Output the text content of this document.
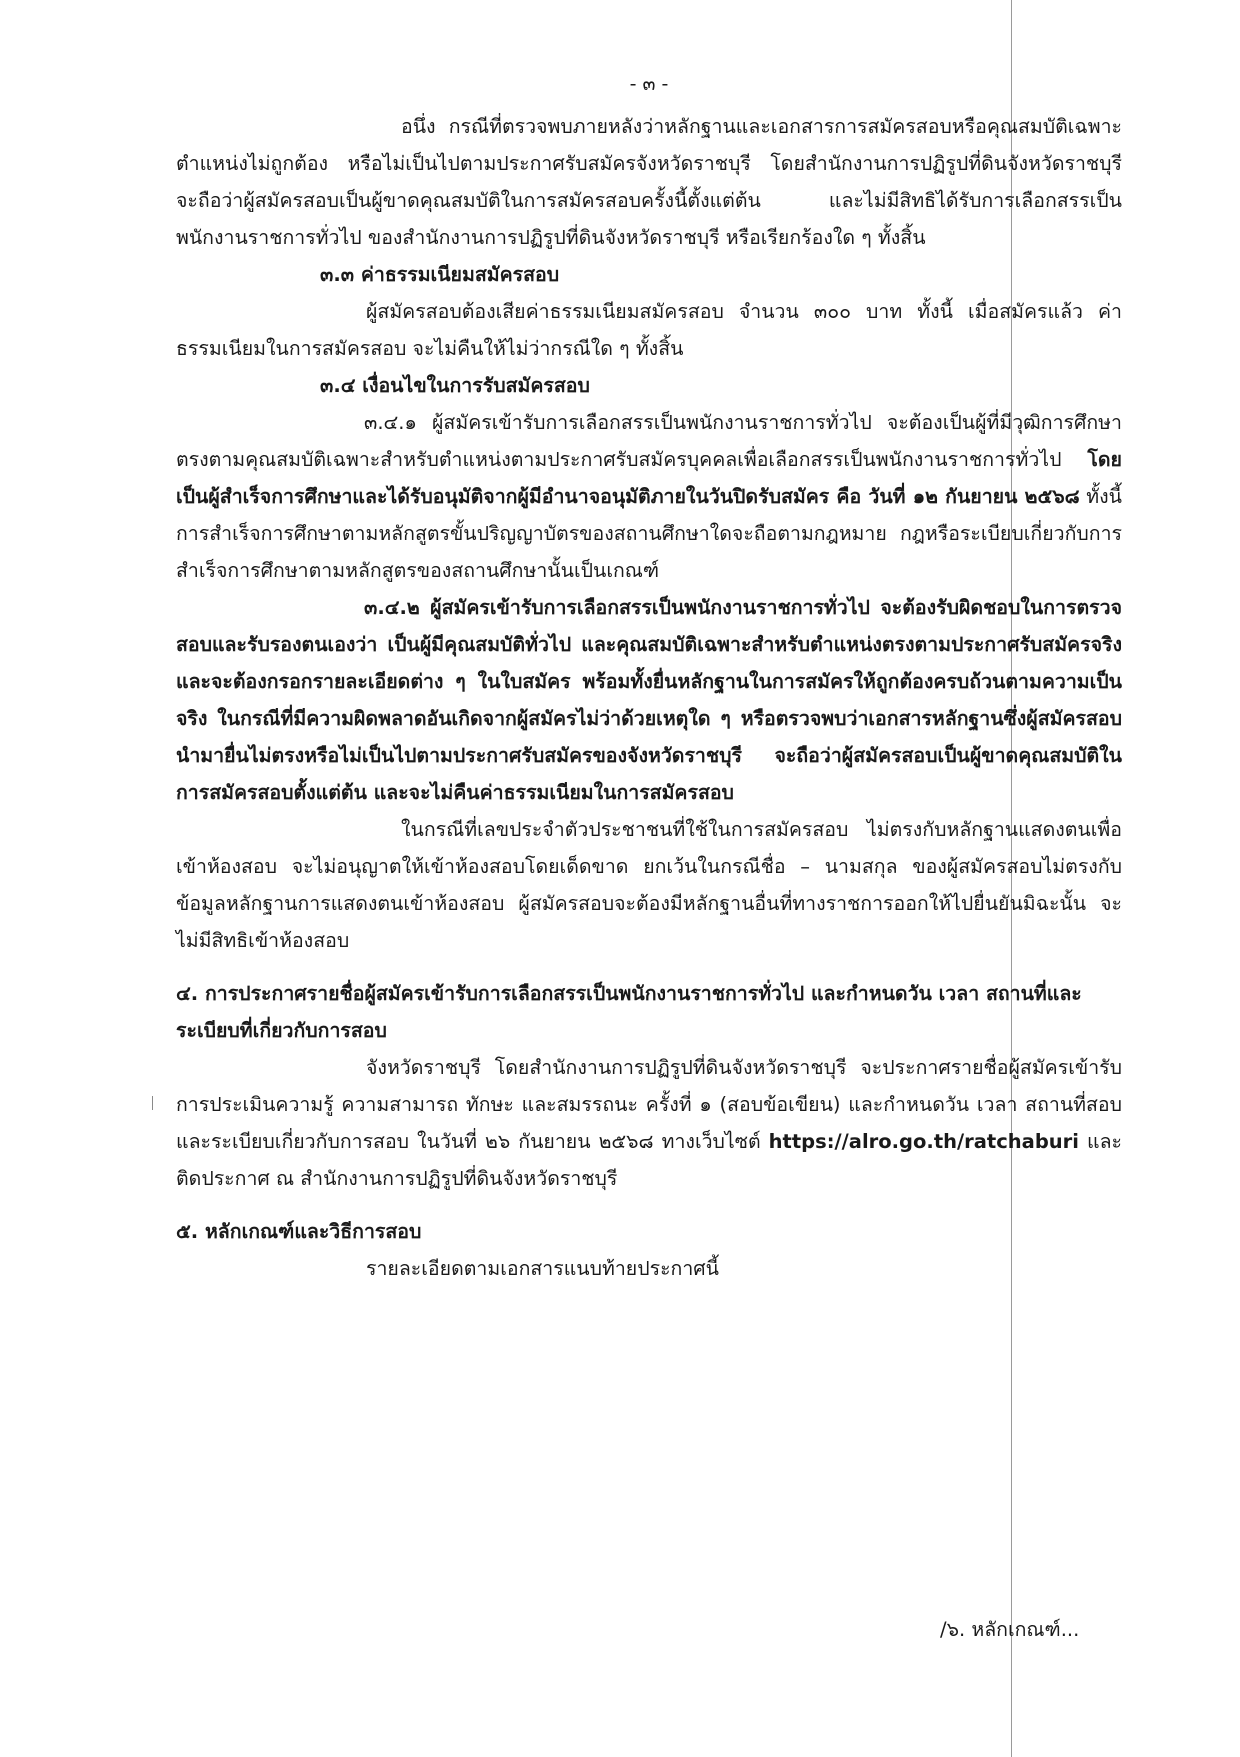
- ๓ -

อนึ่ง กรณีที่ตรวจพบภายหลังว่าหลักฐานและเอกสารการสมัครสอบหรือคุณสมบัติเฉพาะตำแหน่งไม่ถูกต้อง หรือไม่เป็นไปตามประกาศรับสมัครจังหวัดราชบุรี โดยสำนักงานการปฏิรูปที่ดินจังหวัดราชบุรี จะถือว่าผู้สมัครสอบเป็นผู้ขาดคุณสมบัติในการสมัครสอบครั้งนี้ตั้งแต่ต้น และไม่มีสิทธิได้รับการเลือกสรรเป็นพนักงานราชการทั่วไป ของสำนักงานการปฏิรูปที่ดินจังหวัดราชบุรี หรือเรียกร้องใด ๆ ทั้งสิ้น

๓.๓ ค่าธรรมเนียมสมัครสอบ

ผู้สมัครสอบต้องเสียค่าธรรมเนียมสมัครสอบ จำนวน ๓๐๐ บาท ทั้งนี้ เมื่อสมัครแล้ว ค่าธรรมเนียมในการสมัครสอบ จะไม่คืนให้ไม่ว่ากรณีใด ๆ ทั้งสิ้น

๓.๔ เงื่อนไขในการรับสมัครสอบ

๓.๔.๑ ผู้สมัครเข้ารับการเลือกสรรเป็นพนักงานราชการทั่วไป จะต้องเป็นผู้ที่มีวุฒิการศึกษาตรงตามคุณสมบัติเฉพาะสำหรับตำแหน่งตามประกาศรับสมัครบุคคลเพื่อเลือกสรรเป็นพนักงานราชการทั่วไป โดยเป็นผู้สำเร็จการศึกษาและได้รับอนุมัติจากผู้มีอำนาจอนุมัติภายในวันปิดรับสมัคร คือ วันที่ ๑๒ กันยายน ๒๕๖๘ ทั้งนี้ การสำเร็จการศึกษาตามหลักสูตรขั้นปริญญาบัตรของสถานศึกษาใดจะถือตามกฎหมาย กฎหรือระเบียบเกี่ยวกับการสำเร็จการศึกษาตามหลักสูตรของสถานศึกษานั้นเป็นเกณฑ์

๓.๔.๒ ผู้สมัครเข้ารับการเลือกสรรเป็นพนักงานราชการทั่วไป จะต้องรับผิดชอบในการตรวจสอบและรับรองตนเองว่า เป็นผู้มีคุณสมบัติทั่วไป และคุณสมบัติเฉพาะสำหรับตำแหน่งตรงตามประกาศรับสมัครจริง และจะต้องกรอกรายละเอียดต่าง ๆ ในใบสมัคร พร้อมทั้งยื่นหลักฐานในการสมัครให้ถูกต้องครบถ้วนตามความเป็นจริง ในกรณีที่มีความผิดพลาดอันเกิดจากผู้สมัครไม่ว่าด้วยเหตุใด ๆ หรือตรวจพบว่าเอกสารหลักฐานซึ่งผู้สมัครสอบนำมายื่นไม่ตรงหรือไม่เป็นไปตามประกาศรับสมัครของจังหวัดราชบุรี จะถือว่าผู้สมัครสอบเป็นผู้ขาดคุณสมบัติในการสมัครสอบตั้งแต่ต้น และจะไม่คืนค่าธรรมเนียมในการสมัครสอบ

ในกรณีที่เลขประจำตัวประชาชนที่ใช้ในการสมัครสอบ ไม่ตรงกับหลักฐานแสดงตนเพื่อเข้าห้องสอบ จะไม่อนุญาตให้เข้าห้องสอบโดยเด็ดขาด ยกเว้นในกรณีชื่อ – นามสกุล ของผู้สมัครสอบไม่ตรงกับข้อมูลหลักฐานการแสดงตนเข้าห้องสอบ ผู้สมัครสอบจะต้องมีหลักฐานอื่นที่ทางราชการออกให้ไปยื่นยันมิฉะนั้น จะไม่มีสิทธิเข้าห้องสอบ

๔. การประกาศรายชื่อผู้สมัครเข้ารับการเลือกสรรเป็นพนักงานราชการทั่วไป และกำหนดวัน เวลา สถานที่และระเบียบที่เกี่ยวกับการสอบ

จังหวัดราชบุรี โดยสำนักงานการปฏิรูปที่ดินจังหวัดราชบุรี จะประกาศรายชื่อผู้สมัครเข้ารับการประเมินความรู้ ความสามารถ ทักษะ และสมรรถนะ ครั้งที่ ๑ (สอบข้อเขียน) และกำหนดวัน เวลา สถานที่สอบและระเบียบเกี่ยวกับการสอบ ในวันที่ ๒๖ กันยายน ๒๕๖๘ ทางเว็บไซต์ https://alro.go.th/ratchaburi และติดประกาศ ณ สำนักงานการปฏิรูปที่ดินจังหวัดราชบุรี

๕. หลักเกณฑ์และวิธีการสอบ

รายละเอียดตามเอกสารแนบท้ายประกาศนี้

/๖. หลักเกณฑ์...
